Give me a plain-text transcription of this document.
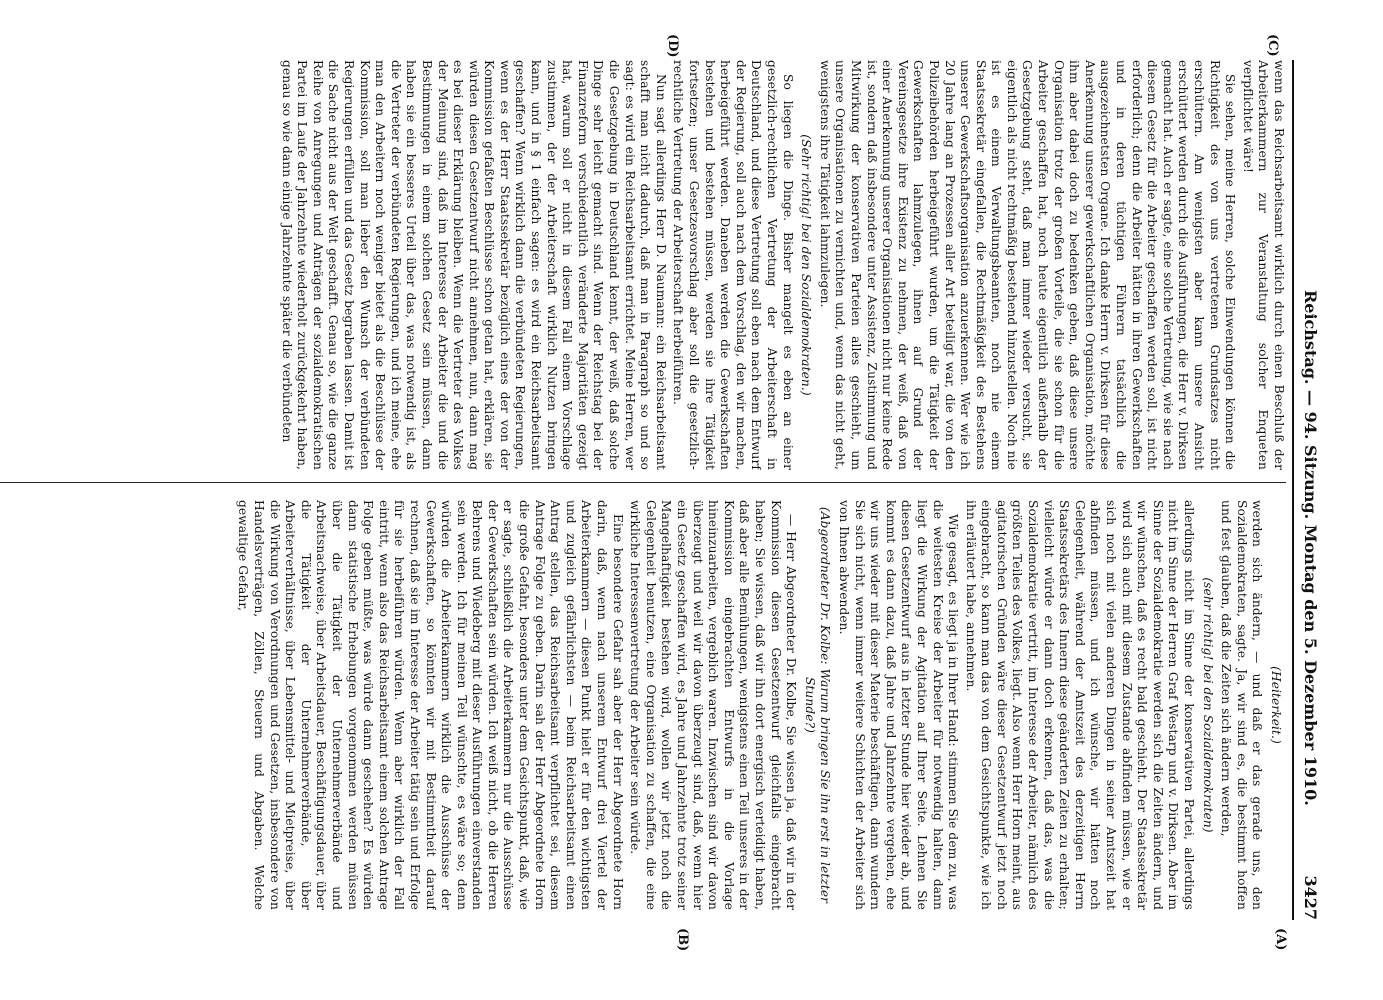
Reichstag. — 94. Sitzung. Montag den 5. Dezember 1910.
3427
(C)
(D)
(A)
(B)

wenn das Reichsarbeitsamt wirklich durch einen Beschluß der Arbeiterkammern zur Veranstaltung solcher Enqueten verpflichtet wäre!

Sie sehen, meine Herren, solche Einwendungen können die Richtigkeit des von uns vertretenen Grundsatzes nicht erschüttern. Am wenigsten aber kann unsere Ansicht erschüttert werden durch die Ausführungen, die Herr v. Dirksen gemacht hat. Auch er sagte, eine solche Vertretung, wie sie nach diesem Gesetz für die Arbeiter geschaffen werden soll, ist nicht erforderlich; denn die Arbeiter hätten in ihren Gewerkschaften und in deren tüchtigen Führern tatsächlich die ausgezeichnetsten Organe. Ich danke Herrn v. Dirksen für diese Anerkennung unserer gewerkschaftlichen Organisation, möchte ihm aber dabei doch zu bedenken geben, daß diese unsere Organisation trotz der großen Vorteile, die sie schon für die Arbeiter geschaffen hat, noch heute eigentlich außerhalb der Gesetzgebung steht, daß man immer wieder versucht, sie eigentlich als nicht rechtmäßig bestehend hinzustellen. Noch nie ist es einem Verwaltungsbeamten, noch nie einem Staatssekretär eingefallen, die Rechtmäßigkeit des Bestehens unserer Gewerkschaftsorganisation anzuerkennen. Wer wie ich 20 Jahre lang an Prozessen aller Art beteiligt war, die von den Polizeibehörden herbeigeführt wurden, um die Tätigkeit der Gewerkschaften lahmzulegen, ihnen auf Grund der Vereinsgesetze ihre Existenz zu nehmen, der weiß, daß von einer Anerkennung unserer Organisationen nicht nur keine Rede ist, sondern daß insbesondere unter Assistenz, Zustimmung und Mitwirkung der konservativen Parteien alles geschieht, um unsere Organisationen zu vernichten und, wenn das nicht geht, wenigstens ihre Tätigkeit lahmzulegen.

(Sehr richtig! bei den Sozialdemokraten.)

So liegen die Dinge. Bisher mangelt es eben an einer gesetzlich-rechtlichen Vertretung der Arbeiterschaft in Deutschland, und diese Vertretung soll eben nach dem Entwurf der Regierung, soll auch nach dem Vorschlag, den wir machen, herbeigeführt werden. Daneben werden die Gewerkschaften bestehen und bestehen müssen, werden sie ihre Tätigkeit fortsetzen; unser Gesetzesvorschlag aber soll die gesetzlich-rechtliche Vertretung der Arbeiterschaft herbeiführen.

Nun sagt allerdings Herr D. Naumann: ein Reichsarbeitsamt schafft man nicht dadurch, daß man in Paragraph so und so sagt: es wird ein Reichsarbeitsamt errichtet. Meine Herren, wer die Gesetzgebung in Deutschland kennt, der weiß, daß solche Dinge sehr leicht gemacht sind. Wenn der Reichstag bei der Finanzreform verschiedentlich veränderte Majoritäten gezeigt hat, warum soll er nicht in diesem Fall einem Vorschlage zustimmen, der der Arbeiterschaft wirklich Nutzen bringen kann, und in § 1 einfach sagen: es wird ein Reichsarbeitsamt geschaffen? Wenn wirklich dann die verbündeten Regierungen, wenn es der Herr Staatssekretär bezüglich eines der von der Kommission gefaßten Beschlüsse schon getan hat, erklären, sie würden diesen Gesetzentwurf nicht annehmen, nun, dann mag es bei dieser Erklärung bleiben. Wenn die Vertreter des Volkes der Meinung sind, daß im Interesse der Arbeiter die und die Bestimmungen in einem solchen Gesetz sein müssen, dann haben sie ein besseres Urteil über das, was notwendig ist, als die Vertreter der verbündeten Regierungen, und ich meine, ehe man den Arbeitern noch weniger bietet als die Beschlüsse der Kommission, soll man lieber den Wunsch der verbündeten Regierungen erfüllen und das Gesetz begraben lassen. Damit ist die Sache nicht aus der Welt geschafft. Genau so, wie die ganze Reihe von Anregungen und Anträgen der sozialdemokratischen Partei im Laufe der Jahrzehnte wiederholt zurückgekehrt haben, genau so wie dann einige Jahrzehnte später die verbündeten

(Heiterkeit.)

werden sich ändern, — und daß er das gerade uns, den Sozialdemokraten, sagte. Ja, wir sind es, die bestimmt hoffen und fest glauben, daß die Zeiten sich ändern werden,

(sehr richtig! bei den Sozialdemokraten)

allerdings nicht im Sinne der konservativen Partei, allerdings nicht im Sinne der Herren Graf Westarp und v. Dirksen. Aber im Sinne der Sozialdemokratie werden sich die Zeiten ändern, und wir wünschen, daß es recht bald geschieht. Der Staatssekretär wird sich auch mit diesem Zustande abfinden müssen, wie er sich noch mit vielen anderen Dingen in seiner Amtszeit hat abfinden müssen, und ich wünsche, wir hätten noch Gelegenheit, während der Amtszeit des derzeitigen Herrn Staatssekretärs des Innern diese geänderten Zeiten zu erhalten; vielleicht würde er dann doch erkennen, daß das, was die Sozialdemokratie vertritt, im Interesse der Arbeiter, nämlich des größten Teiles des Volkes, liegt. Also wenn Herr Horn meint, aus agitatorischen Gründen wäre dieser Gesetzentwurf jetzt noch eingebracht, so kann man das von dem Gesichtspunkte, wie ich ihn erläutert habe, annehmen.

Wie gesagt, es liegt ja in Ihrer Hand: stimmen Sie dem zu, was die weitesten Kreise der Arbeiter für notwendig halten, dann liegt die Wirkung der Agitation auf Ihrer Seite. Lehnen Sie diesen Gesetzentwurf aus in letzter Stunde hier wieder ab, und kommt es dann dazu, daß Jahre und Jahrzehnte vergehen, ehe wir uns wieder mit dieser Materie beschäftigen, dann wundern Sie sich nicht, wenn immer weitere Schichten der Arbeiter sich von Ihnen abwenden.

(Abgeordneter Dr. Kolbe: Warum bringen Sie ihn erst in letzter Stunde?)

— Herr Abgeordneter Dr. Kolbe, Sie wissen ja, daß wir in der Kommission diesen Gesetzentwurf gleichfalls eingebracht haben; Sie wissen, daß wir ihn dort energisch verteidigt haben, daß aber alle Bemühungen, wenigstens einen Teil unseres in der Kommission eingebrachten Entwurfs in die Vorlage hineinzuarbeiten, vergeblich waren. Inzwischen sind wir davon überzeugt und weil wir davon überzeugt sind, daß, wenn hier ein Gesetz geschaffen wird, es Jahre und Jahrzehnte trotz seiner Mangelhaftigkeit bestehen wird, wollen wir jetzt noch die Gelegenheit benutzen, eine Organisation zu schaffen, die eine wirkliche Interessenvertretung der Arbeiter sein würde.

Eine besondere Gefahr sah aber der Herr Abgeordnete Horn darin, daß, wenn nach unserem Entwurf drei Viertel der Arbeiterkammern — diesen Punkt hielt er für den wichtigsten und zugleich gefährlichsten — beim Reichsarbeitsamt einen Antrag stellen, das Reichsarbeitsamt verpflichtet sei, diesem Antrage Folge zu geben. Darin sah der Herr Abgeordnete Horn die große Gefahr, besonders unter dem Gesichtspunkt, daß, wie er sagte, schließlich die Arbeiterkammern nur die Ausschüsse der Gewerkschaften sein würden. Ich weiß nicht, ob die Herren Behrens und Wiedeberg mit dieser Ausführungen einverstanden sein werden. Ich für meinen Teil wünschte, es wäre so; denn würden die Arbeiterkammern wirklich die Ausschüsse der Gewerkschaften, so könnten wir mit Bestimmtheit darauf rechnen, daß sie im Interesse der Arbeiter tätig sein und Erfolge für sie herbeiführen würden. Wenn aber wirklich der Fall eintritt, wenn also das Reichsarbeitsamt einem solchen Antrage Folge geben müßte, was würde dann geschehen? Es würden dann statistische Erhebungen vorgenommen werden müssen über die Tätigkeit der Unternehmerverbände und Arbeitsnachweise, über Arbeitsdauer, Beschäftigungsdauer, über die Tätigkeit der Unternehmerverbände, über Arbeiterverhältnisse, über Lebensmittel- und Mietpreise, über die Wirkung von Verordnungen und Gesetzen, insbesondere von Handelsverträgen, Zöllen, Steuern und Abgaben. Welche gewaltige Gefahr,
